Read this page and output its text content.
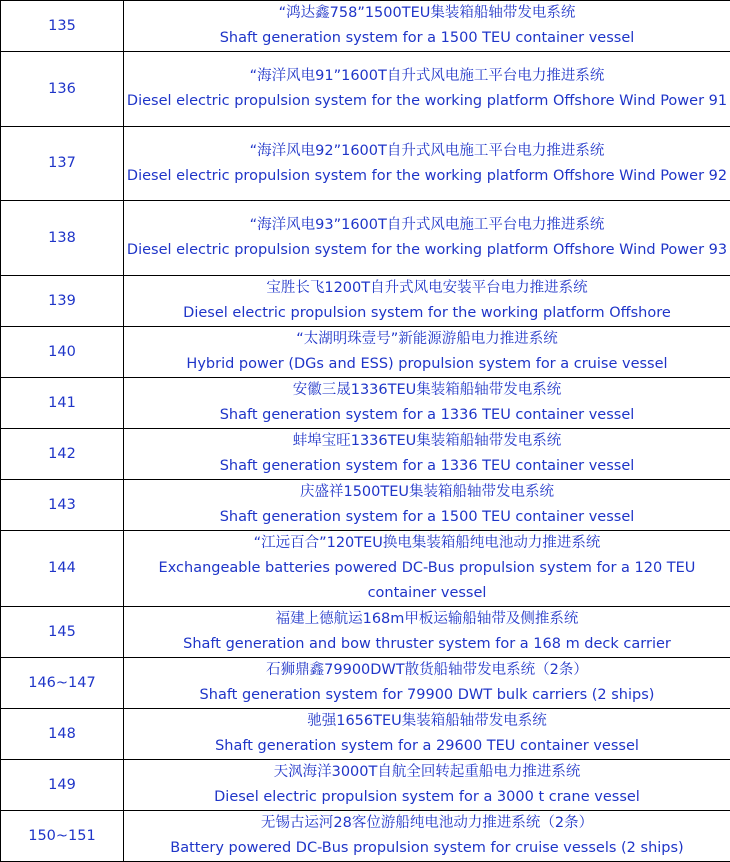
135	“鸿达鑫758”1500TEU集装箱船轴带发电系统
Shaft generation system for a 1500 TEU container vessel

136	“海洋风电91”1600T自升式风电施工平台电力推进系统
Diesel electric propulsion system for the working platform Offshore Wind Power 91

137	“海洋风电92”1600T自升式风电施工平台电力推进系统
Diesel electric propulsion system for the working platform Offshore Wind Power 92

138	“海洋风电93”1600T自升式风电施工平台电力推进系统
Diesel electric propulsion system for the working platform Offshore Wind Power 93

139	宝胜长飞1200T自升式风电安装平台电力推进系统
Diesel electric propulsion system for the working platform Offshore

140	“太湖明珠壹号”新能源游船电力推进系统
Hybrid power (DGs and ESS) propulsion system for a cruise vessel

141	安徽三晟1336TEU集装箱船轴带发电系统
Shaft generation system for a 1336 TEU container vessel

142	蚌埠宝旺1336TEU集装箱船轴带发电系统
Shaft generation system for a 1336 TEU container vessel

143	庆盛祥1500TEU集装箱船轴带发电系统
Shaft generation system for a 1500 TEU container vessel

144	“江远百合”120TEU换电集装箱船纯电池动力推进系统
Exchangeable batteries powered DC-Bus propulsion system for a 120 TEU container vessel

145	福建上德航运168m甲板运输船轴带及侧推系统
Shaft generation and bow thruster system for a 168 m deck carrier

146~147	石狮鼎鑫79900DWT散货船轴带发电系统（2条）
Shaft generation system for 79900 DWT bulk carriers (2 ships)

148	驰强1656TEU集装箱船轴带发电系统
Shaft generation system for a 29600 TEU container vessel

149	天沨海洋3000T自航全回转起重船电力推进系统
Diesel electric propulsion system for a 3000 t crane vessel

150~151	无锡古运河28客位游船纯电池动力推进系统（2条）
Battery powered DC-Bus propulsion system for cruise vessels (2 ships)
